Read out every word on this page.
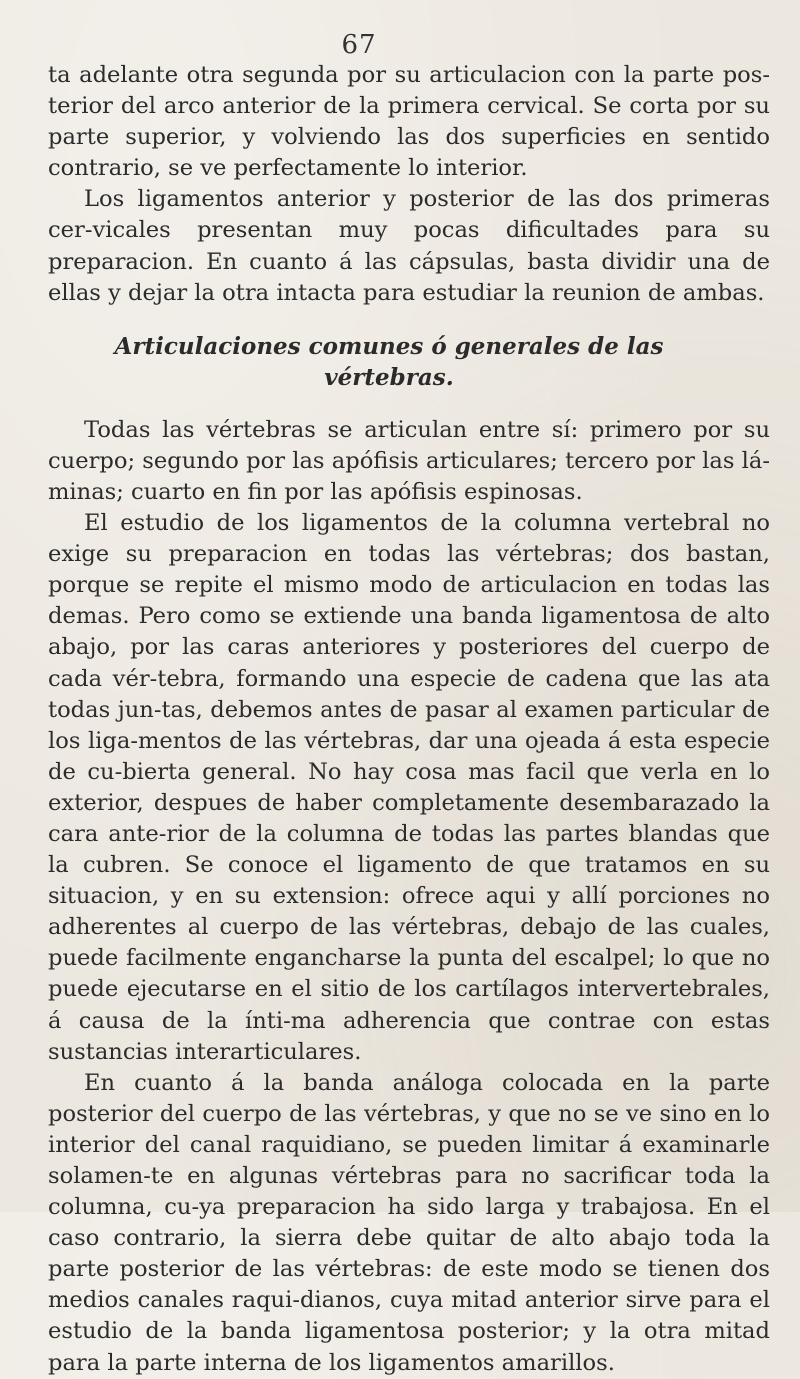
67

ta adelante otra segunda por su articulacion con la parte pos-terior del arco anterior de la primera cervical. Se corta por su parte superior, y volviendo las dos superficies en sentido contrario, se ve perfectamente lo interior.

Los ligamentos anterior y posterior de las dos primeras cer-vicales presentan muy pocas dificultades para su preparacion. En cuanto á las cápsulas, basta dividir una de ellas y dejar la otra intacta para estudiar la reunion de ambas.

Articulaciones comunes ó generales de las vértebras.

Todas las vértebras se articulan entre sí: primero por su cuerpo; segundo por las apófisis articulares; tercero por las lá-minas; cuarto en fin por las apófisis espinosas.

El estudio de los ligamentos de la columna vertebral no exige su preparacion en todas las vértebras; dos bastan, porque se repite el mismo modo de articulacion en todas las demas. Pero como se extiende una banda ligamentosa de alto abajo, por las caras anteriores y posteriores del cuerpo de cada vér-tebra, formando una especie de cadena que las ata todas jun-tas, debemos antes de pasar al examen particular de los liga-mentos de las vértebras, dar una ojeada á esta especie de cu-bierta general. No hay cosa mas facil que verla en lo exterior, despues de haber completamente desembarazado la cara ante-rior de la columna de todas las partes blandas que la cubren. Se conoce el ligamento de que tratamos en su situacion, y en su extension: ofrece aqui y allí porciones no adherentes al cuerpo de las vértebras, debajo de las cuales, puede facilmente engancharse la punta del escalpel; lo que no puede ejecutarse en el sitio de los cartílagos intervertebrales, á causa de la ínti-ma adherencia que contrae con estas sustancias interarticulares.

En cuanto á la banda análoga colocada en la parte posterior del cuerpo de las vértebras, y que no se ve sino en lo interior del canal raquidiano, se pueden limitar á examinarle solamen-te en algunas vértebras para no sacrificar toda la columna, cu-ya preparacion ha sido larga y trabajosa. En el caso contrario, la sierra debe quitar de alto abajo toda la parte posterior de las vértebras: de este modo se tienen dos medios canales raqui-dianos, cuya mitad anterior sirve para el estudio de la banda ligamentosa posterior; y la otra mitad para la parte interna de los ligamentos amarillos.
